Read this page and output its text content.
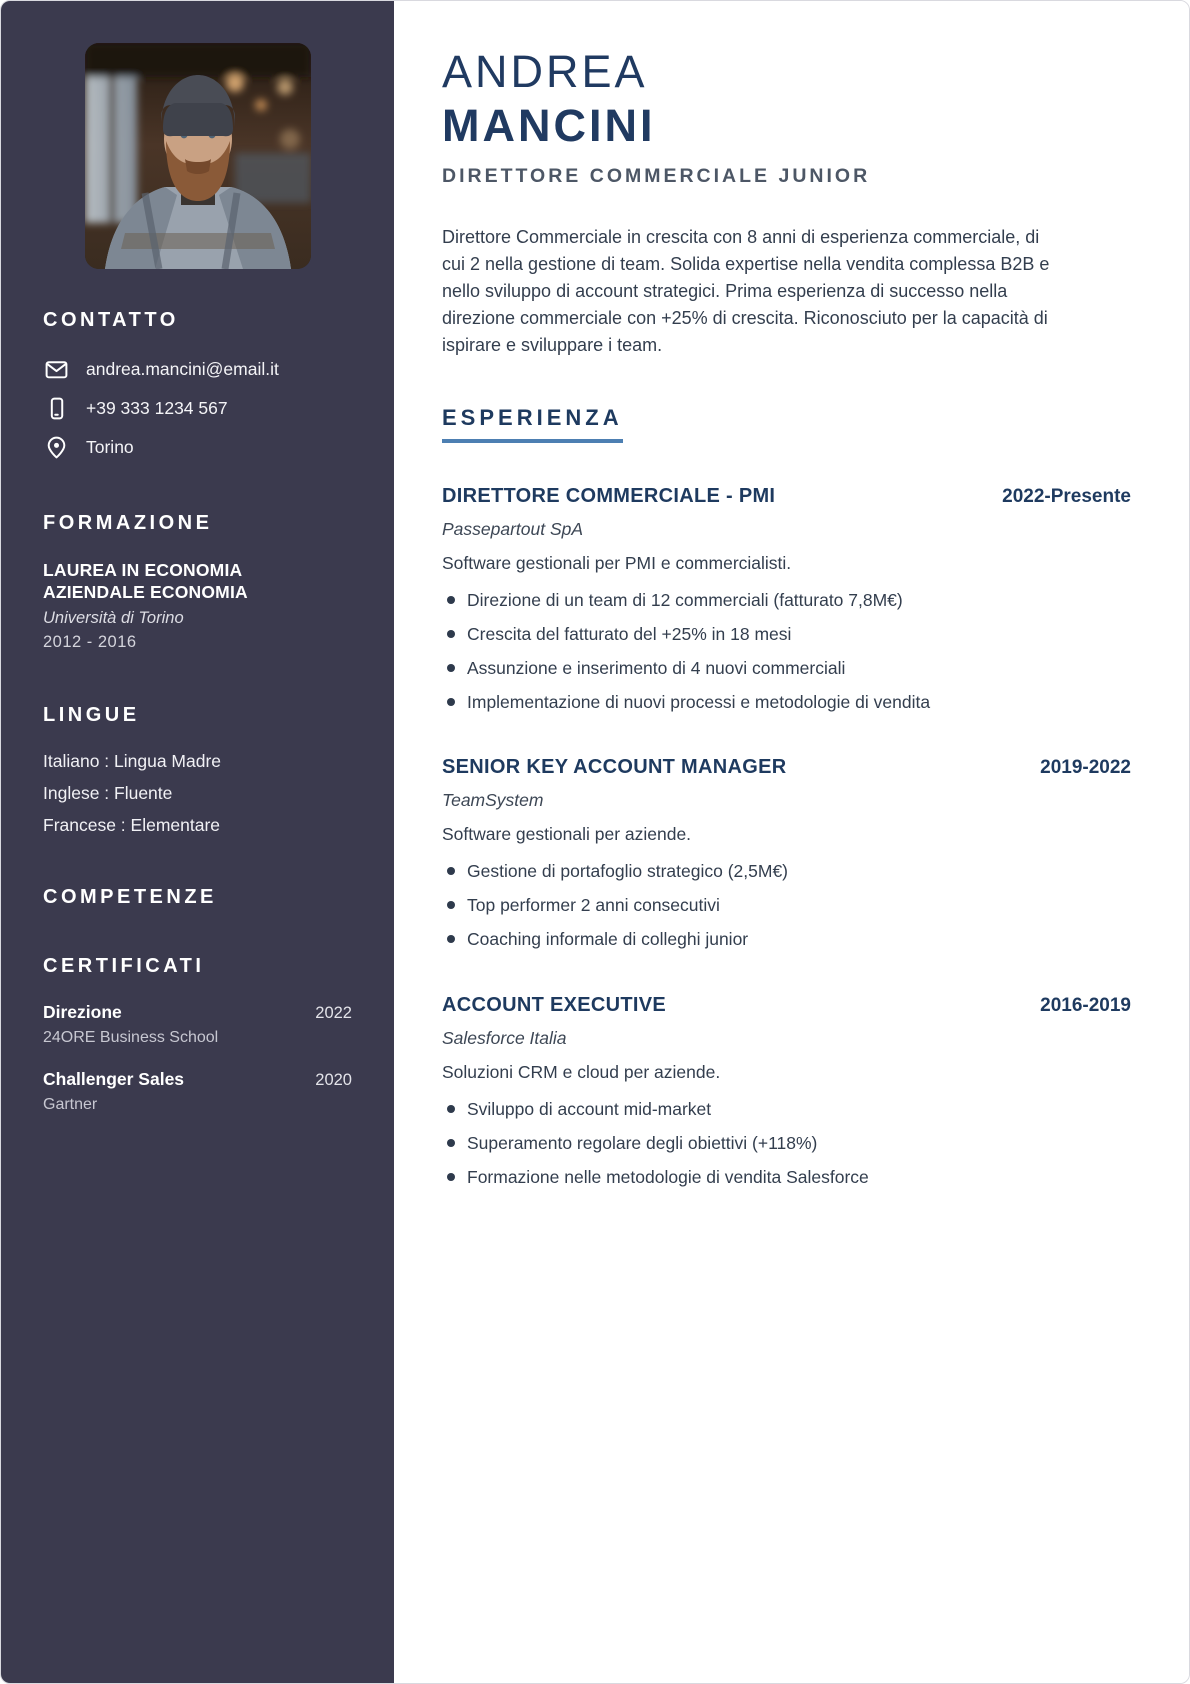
CONTATTO
andrea.mancini@email.it
+39 333 1234 567
Torino
FORMAZIONE
LAUREA IN ECONOMIA AZIENDALE ECONOMIA
Università di Torino
2012 - 2016
LINGUE
Italiano : Lingua Madre
Inglese : Fluente
Francese : Elementare
COMPETENZE
CERTIFICATI
Direzione	2022
24ORE Business School
Challenger Sales	2020
Gartner
ANDREA
MANCINI
DIRETTORE COMMERCIALE JUNIOR

Direttore Commerciale in crescita con 8 anni di esperienza commerciale, di cui 2 nella gestione di team. Solida expertise nella vendita complessa B2B e nello sviluppo di account strategici. Prima esperienza di successo nella direzione commerciale con +25% di crescita. Riconosciuto per la capacità di ispirare e sviluppare i team.

ESPERIENZA
DIRETTORE COMMERCIALE - PMI	2022-Presente
Passepartout SpA
Software gestionali per PMI e commercialisti.
Direzione di un team di 12 commerciali (fatturato 7,8M€)
Crescita del fatturato del +25% in 18 mesi
Assunzione e inserimento di 4 nuovi commerciali
Implementazione di nuovi processi e metodologie di vendita
SENIOR KEY ACCOUNT MANAGER	2019-2022
TeamSystem
Software gestionali per aziende.
Gestione di portafoglio strategico (2,5M€)
Top performer 2 anni consecutivi
Coaching informale di colleghi junior
ACCOUNT EXECUTIVE	2016-2019
Salesforce Italia
Soluzioni CRM e cloud per aziende.
Sviluppo di account mid-market
Superamento regolare degli obiettivi (+118%)
Formazione nelle metodologie di vendita Salesforce
